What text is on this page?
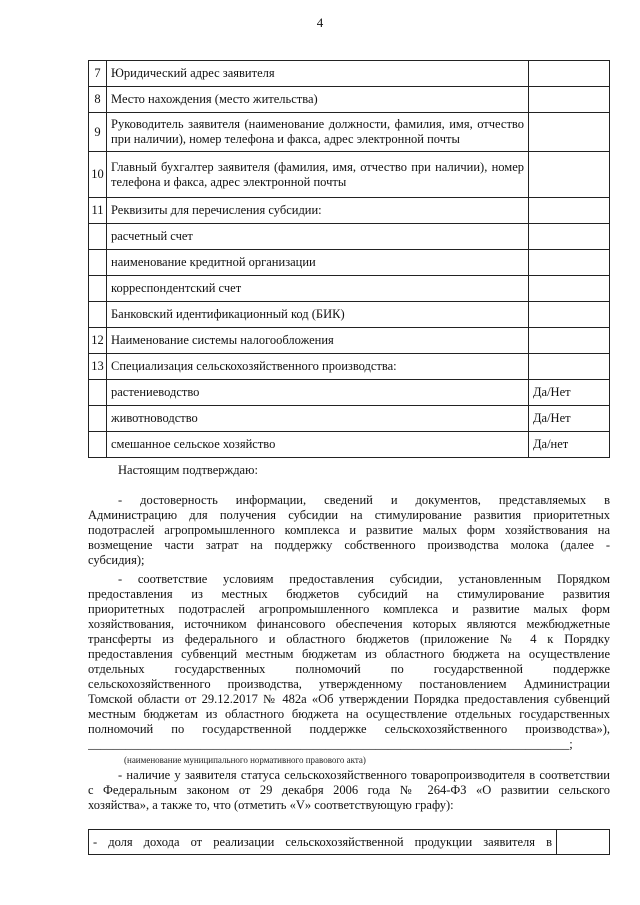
4
7	Юридический адрес заявителя	
8	Место нахождения (место жительства)	
9	Руководитель заявителя (наименование должности, фамилия, имя, отчество при наличии), номер телефона и факса, адрес электронной почты	
10	Главный бухгалтер заявителя (фамилия, имя, отчество при наличии), номер телефона и факса, адрес электронной почты	
11	Реквизиты для перечисления субсидии:	
	расчетный счет	
	наименование кредитной организации	
	корреспондентский счет	
	Банковский идентификационный код (БИК)	
12	Наименование системы налогообложения	
13	Специализация сельскохозяйственного производства:	
	растениеводство	Да/Нет
	животноводство	Да/Нет
	смешанное сельское хозяйство	Да/нет
Настоящим подтверждаю:
- достоверность информации, сведений и документов, представляемых в
Администрацию для получения субсидии на стимулирование развития приоритетных
подотраслей агропромышленного комплекса и развитие малых форм хозяйствования на
возмещение части затрат на поддержку собственного производства молока (далее -
субсидия);
- соответствие условиям предоставления субсидии, установленным Порядком
предоставления из местных бюджетов субсидий на стимулирование развития
приоритетных подотраслей агропромышленного комплекса и развитие малых форм
хозяйствования, источником финансового обеспечения которых являются межбюджетные
трансферты из федерального и областного бюджетов (приложение № 4 к Порядку
предоставления субвенций местным бюджетам из областного бюджета на осуществление
отдельных государственных полномочий по государственной поддержке
сельскохозяйственного производства, утвержденному постановлением Администрации
Томской области от 29.12.2017 № 482а «Об утверждении Порядка предоставления субвенций
местным бюджетам из областного бюджета на осуществление отдельных государственных
полномочий по государственной поддержке сельскохозяйственного производства»),
_____________________________________________________________________________;
(наименование муниципального нормативного правового акта)
- наличие у заявителя статуса сельскохозяйственного товаропроизводителя в соответствии
с Федеральным законом от 29 декабря 2006 года № 264-ФЗ «О развитии сельского
хозяйства», а также то, что (отметить «V» соответствующую графу):
- доля дохода от реализации сельскохозяйственной продукции заявителя в	
